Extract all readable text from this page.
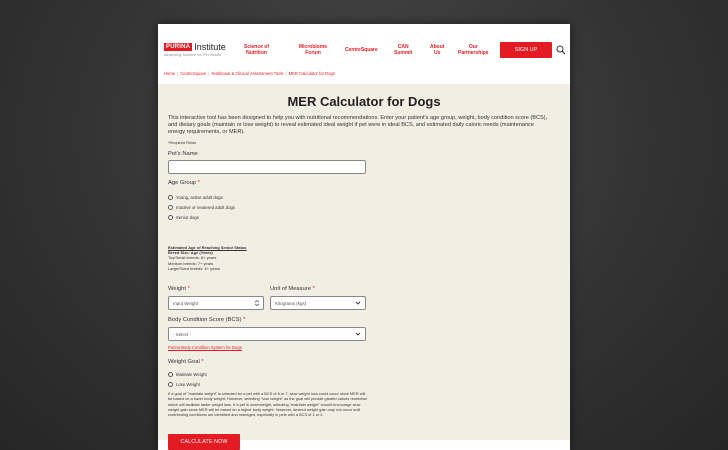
PURINA Institute
Advancing Science for Pet Health
Science of
Nutrition
Microbiome
Forum	CentreSquare	CAN
Summit
About
Us
Our
Partnerships	SIGN UP
Home | CentreSquare | Nutritional & Clinical Assessment Tools | MER Calculator for Dogs
MER Calculator for Dogs
This interactive tool has been designed to help you with nutritional recommendations. Enter your patient's age group, weight, body condition score (BCS), and dietary goals (maintain or lose weight) to reveal estimated ideal weight if pet were in ideal BCS, and estimated daily caloric needs (maintenance energy requirements, or MER).
*Required Fields
Pet's Name
Age Group *
Young, active adult dogs
Inactive or neutered adult dogs
Senior dogs
Estimated Age of Reaching Senior Status
Breed Size: Age (Years)
Toy/Small breeds: 8+ years
Medium breeds: 7+ years
Large/Giant breeds: 6+ years
Weight *
Input Weight
Unit of Measure *
Kilograms (kgs)
Body Condition Score (BCS) *
- Select -
Purina Body Condition System for Dogs
Weight Goal *
Maintain Weight
Lose Weight
If a goal of "maintain weight" is selected for a pet with a BCS of 6 or 7, slow weight loss could occur since MER will be based on a lower body weight. However, selecting "lose weight" as the goal will provide greater calorie restriction which will facilitate faster weight loss. If a pet is underweight, selecting "maintain weight" should encourage slow weight gain since MER will be based on a higher body weight. However, desired weight gain may not occur until contributing conditions are identified and managed, especially in pets with a BCS of 1 or 2.
CALCULATE NOW
